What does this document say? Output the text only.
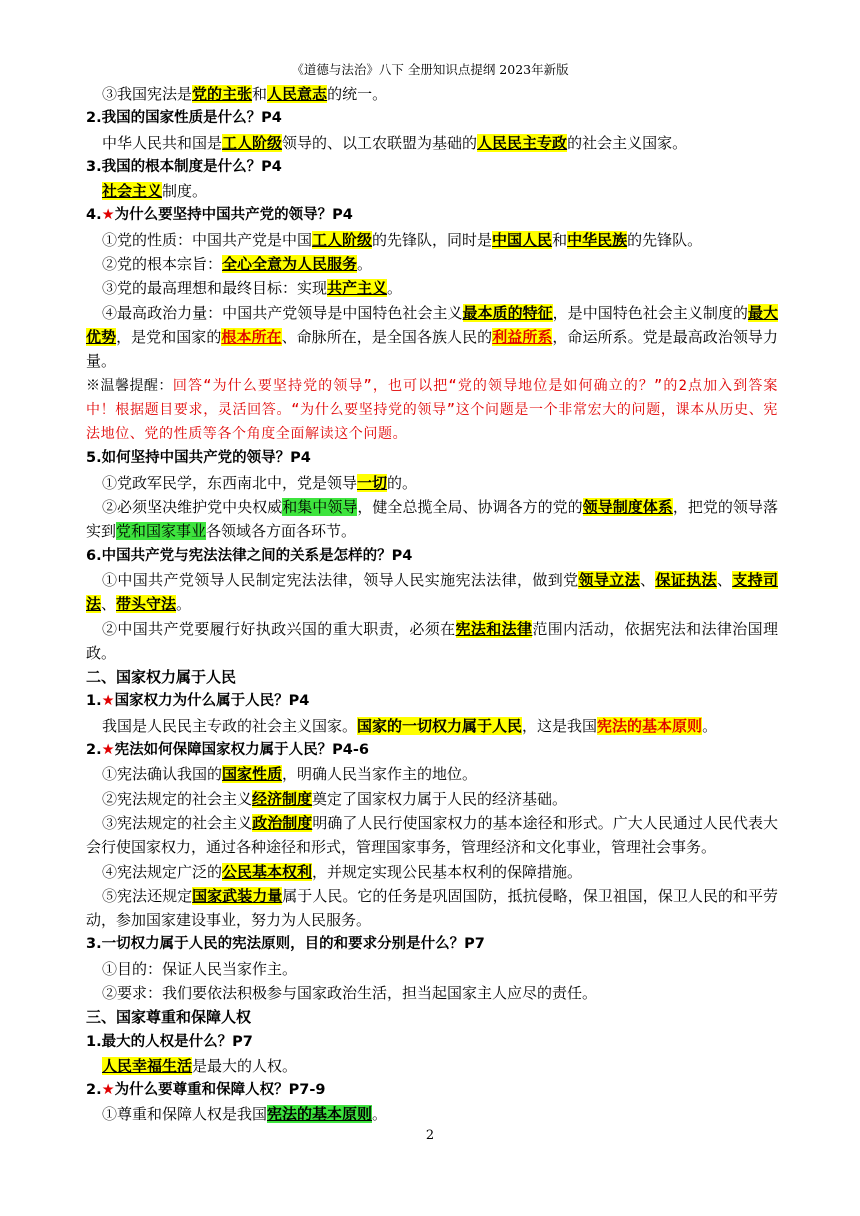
《道德与法治》八下 全册知识点提纲 2023年新版
③我国宪法是党的主张和人民意志的统一。
2.我国的国家性质是什么？P4
中华人民共和国是工人阶级领导的、以工农联盟为基础的人民民主专政的社会主义国家。
3.我国的根本制度是什么？P4
社会主义制度。
4.★为什么要坚持中国共产党的领导？P4
①党的性质：中国共产党是中国工人阶级的先锋队，同时是中国人民和中华民族的先锋队。
②党的根本宗旨：全心全意为人民服务。
③党的最高理想和最终目标：实现共产主义。
④最高政治力量：中国共产党领导是中国特色社会主义最本质的特征，是中国特色社会主义制度的最大优势，是党和国家的根本所在、命脉所在，是全国各族人民的利益所系，命运所系。党是最高政治领导力量。
※温馨提醒：回答“为什么要坚持党的领导”，也可以把“党的领导地位是如何确立的？”的2点加入到答案中！根据题目要求，灵活回答。“为什么要坚持党的领导”这个问题是一个非常宏大的问题，课本从历史、宪法地位、党的性质等各个角度全面解读这个问题。
5.如何坚持中国共产党的领导？P4
①党政军民学，东西南北中，党是领导一切的。
②必须坚决维护党中央权威和集中领导，健全总揽全局、协调各方的党的领导制度体系，把党的领导落实到党和国家事业各领域各方面各环节。
6.中国共产党与宪法法律之间的关系是怎样的？P4
①中国共产党领导人民制定宪法法律，领导人民实施宪法法律，做到党领导立法、保证执法、支持司法、带头守法。
②中国共产党要履行好执政兴国的重大职责，必须在宪法和法律范围内活动，依据宪法和法律治国理政。
二、国家权力属于人民
1.★国家权力为什么属于人民？P4
我国是人民民主专政的社会主义国家。国家的一切权力属于人民，这是我国宪法的基本原则。
2.★宪法如何保障国家权力属于人民？P4-6
①宪法确认我国的国家性质，明确人民当家作主的地位。
②宪法规定的社会主义经济制度奠定了国家权力属于人民的经济基础。
③宪法规定的社会主义政治制度明确了人民行使国家权力的基本途径和形式。广大人民通过人民代表大会行使国家权力，通过各种途径和形式，管理国家事务，管理经济和文化事业，管理社会事务。
④宪法规定广泛的公民基本权利，并规定实现公民基本权利的保障措施。
⑤宪法还规定国家武装力量属于人民。它的任务是巩固国防，抵抗侵略，保卫祖国，保卫人民的和平劳动，参加国家建设事业，努力为人民服务。
3.一切权力属于人民的宪法原则，目的和要求分别是什么？P7
①目的：保证人民当家作主。
②要求：我们要依法积极参与国家政治生活，担当起国家主人应尽的责任。
三、国家尊重和保障人权
1.最大的人权是什么？P7
人民幸福生活是最大的人权。
2.★为什么要尊重和保障人权？P7-9
①尊重和保障人权是我国宪法的基本原则。
2
